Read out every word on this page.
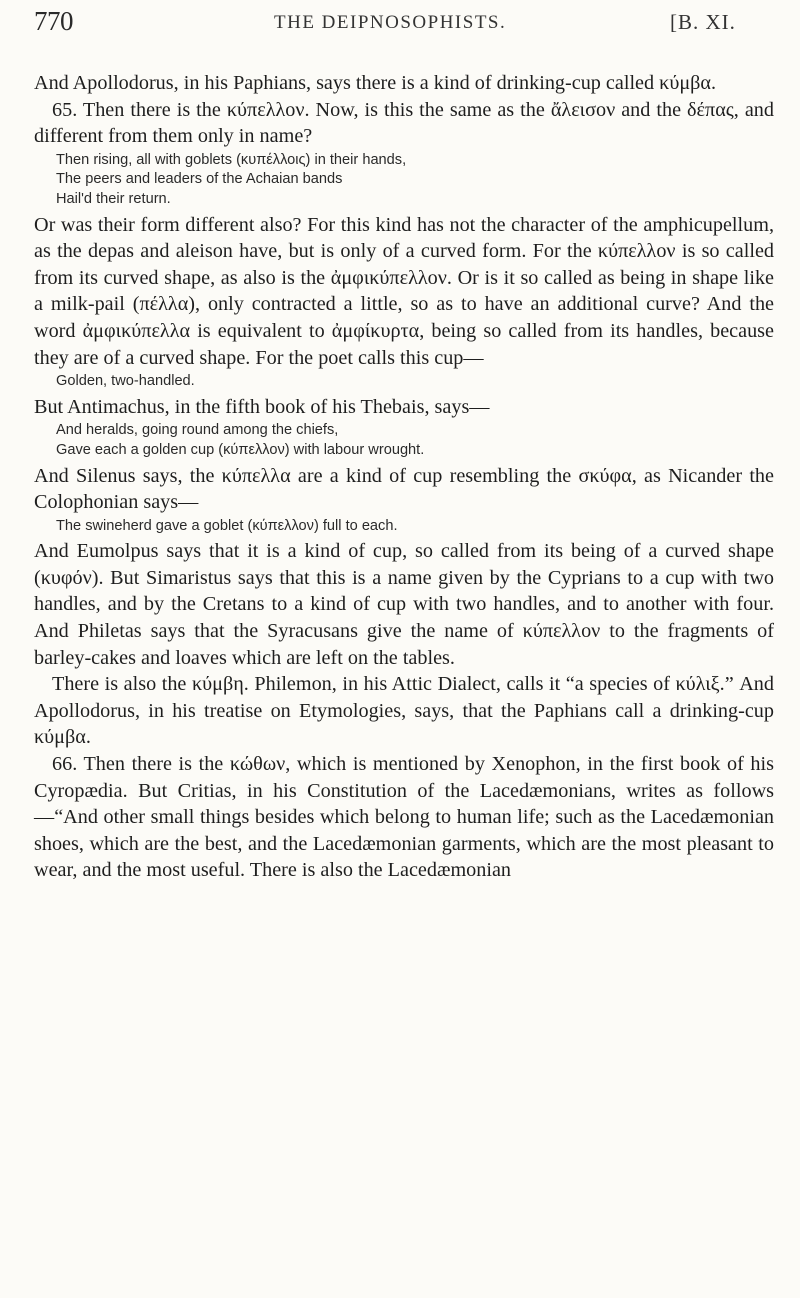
770	THE DEIPNOSOPHISTS.	[B. XI.

And Apollodorus, in his Paphians, says there is a kind of drinking-cup called κύμβα.

65. Then there is the κύπελλον. Now, is this the same as the ἄλεισον and the δέπας, and different from them only in name?

Then rising, all with goblets (κυπέλλοις) in their hands,
The peers and leaders of the Achaian bands
Hail'd their return.

Or was their form different also? For this kind has not the character of the amphicupellum, as the depas and aleison have, but is only of a curved form. For the κύπελλον is so called from its curved shape, as also is the ἀμφικύπελλον. Or is it so called as being in shape like a milk-pail (πέλλα), only contracted a little, so as to have an additional curve? And the word ἀμφικύπελλα is equivalent to ἀμφίκυρτα, being so called from its handles, because they are of a curved shape. For the poet calls this cup—

Golden, two-handled.

But Antimachus, in the fifth book of his Thebais, says—

And heralds, going round among the chiefs,
Gave each a golden cup (κύπελλον) with labour wrought.

And Silenus says, the κύπελλα are a kind of cup resembling the σκύφα, as Nicander the Colophonian says—

The swineherd gave a goblet (κύπελλον) full to each.

And Eumolpus says that it is a kind of cup, so called from its being of a curved shape (κυφόν). But Simaristus says that this is a name given by the Cyprians to a cup with two handles, and by the Cretans to a kind of cup with two handles, and to another with four. And Philetas says that the Syracusans give the name of κύπελλον to the fragments of barley-cakes and loaves which are left on the tables.

There is also the κύμβη. Philemon, in his Attic Dialect, calls it “a species of κύλιξ.” And Apollodorus, in his treatise on Etymologies, says, that the Paphians call a drinking-cup κύμβα.

66. Then there is the κώθων, which is mentioned by Xenophon, in the first book of his Cyropædia. But Critias, in his Constitution of the Lacedæmonians, writes as follows—“And other small things besides which belong to human life; such as the Lacedæmonian shoes, which are the best, and the Lacedæmonian garments, which are the most pleasant to wear, and the most useful. There is also the Lacedæmonian
